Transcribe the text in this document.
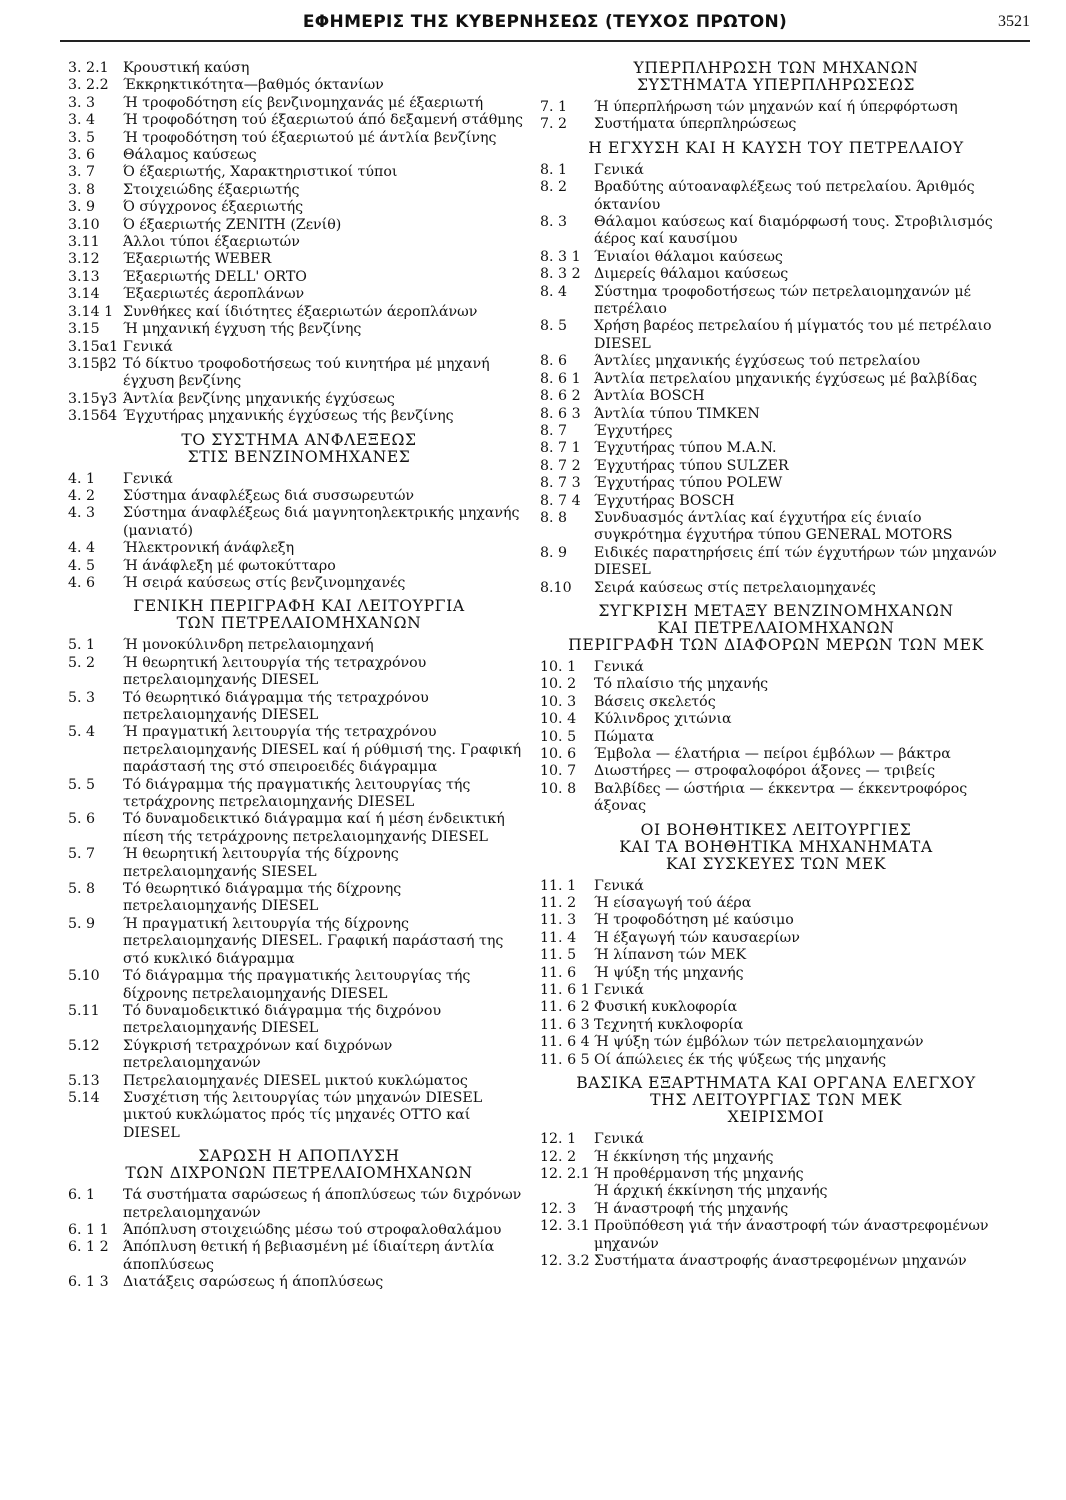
ΕΦΗΜΕΡΙΣ ΤΗΣ ΚΥΒΕΡΝΗΣΕΩΣ (ΤΕΥΧΟΣ ΠΡΩΤΟΝ)	3521
3. 2.1	Κρουστική καύση
3. 2.2	Έκκρηκτικότητα—βαθμός όκτανίων
3. 3	Ή τροφοδότηση είς βενζινομηχανάς μέ έξαεριωτή
3. 4	Ή τροφοδότηση τού έξαεριωτού άπό δεξαμενή στάθμης
3. 5	Ή τροφοδότηση τού έξαεριωτού μέ άντλία βενζίνης
3. 6	Θάλαμος καύσεως
3. 7	Ό έξαεριωτής, Χαρακτηριστικοί τύποι
3. 8	Στοιχειώδης έξαεριωτής
3. 9	Ό σύγχρονος έξαεριωτής
3.10	Ό έξαεριωτής ZENITH (Ζενίθ)
3.11	Άλλοι τύποι έξαεριωτών
3.12	Έξαεριωτής WEBER
3.13	Έξαεριωτής DELL' ORTO
3.14	Έξαεριωτές άεροπλάνων
3.14 1 Συνθήκες καί ίδιότητες έξαεριωτών άεροπλάνων
3.15	Ή μηχανική έγχυση τής βενζίνης
3.15α1 Γενικά
3.15β2 Τό δίκτυο τροφοδοτήσεως τού κινητήρα μέ μηχανή έγχυση βενζίνης
3.15γ3 Άντλία βενζίνης μηχανικής έγχύσεως
3.15δ4 Έγχυτήρας μηχανικής έγχύσεως τής βενζίνης
ΤΟ ΣΥΣΤΗΜΑ ΑΝΦΛΕΞΕΩΣ
ΣΤΙΣ ΒΕΝΖΙΝΟΜΗΧΑΝΕΣ
4. 1	Γενικά
4. 2	Σύστημα άναφλέξεως διά συσσωρευτών
4. 3	Σύστημα άναφλέξεως διά μαγνητοηλεκτρικής μηχανής (μανιατό)
4. 4	Ήλεκτρονική άνάφλεξη
4. 5	Ή άνάφλεξη μέ φωτοκύτταρο
4. 6	Ή σειρά καύσεως στίς βενζινομηχανές
ΓΕΝΙΚΗ ΠΕΡΙΓΡΑΦΗ ΚΑΙ ΛΕΙΤΟΥΡΓΙΑ
ΤΩΝ ΠΕΤΡΕΛΑΙΟΜΗΧΑΝΩΝ
5. 1	Ή μονοκύλινδρη πετρελαιομηχανή
5. 2	Ή θεωρητική λειτουργία τής τετραχρόνου πετρελαιομηχανής DIESEL
5. 3	Τό θεωρητικό διάγραμμα τής τετραχρόνου πετρελαιομηχανής DIESEL
5. 4	Ή πραγματική λειτουργία τής τετραχρόνου πετρελαιομηχανής DIESEL καί ή ρύθμισή της. Γραφική παράστασή της στό σπειροειδές διάγραμμα
5. 5	Τό διάγραμμα τής πραγματικής λειτουργίας τής τετράχρονης πετρελαιομηχανής DIESEL
5. 6	Τό δυναμοδεικτικό διάγραμμα καί ή μέση ένδεικτική πίεση τής τετράχρονης πετρελαιομηχανής DIESEL
5. 7	Ή θεωρητική λειτουργία τής δίχρονης πετρελαιομηχανής SIESEL
5. 8	Τό θεωρητικό διάγραμμα τής δίχρονης πετρελαιομηχανής DIESEL
5. 9	Ή πραγματική λειτουργία τής δίχρονης πετρελαιομηχανής DIESEL. Γραφική παράστασή της στό κυκλικό διάγραμμα
5.10	Τό διάγραμμα τής πραγματικής λειτουργίας τής δίχρονης πετρελαιομηχανής DIESEL
5.11	Τό δυναμοδεικτικό διάγραμμα τής διχρόνου πετρελαιομηχανής DIESEL
5.12	Σύγκρισή τετραχρόνων καί διχρόνων πετρελαιομηχανών
5.13	Πετρελαιομηχανές DIESEL μικτού κυκλώματος
5.14	Συσχέτιση τής λειτουργίας τών μηχανών DIESEL μικτού κυκλώματος πρός τίς μηχανές ΟΤΤΟ καί DIESEL
ΣΑΡΩΣΗ Η ΑΠΟΠΛΥΣΗ
ΤΩΝ ΔΙΧΡΟΝΩΝ ΠΕΤΡΕΛΑΙΟΜΗΧΑΝΩΝ
6. 1	Τά συστήματα σαρώσεως ή άποπλύσεως τών διχρόνων πετρελαιομηχανών
6. 1 1	Άπόπλυση στοιχειώδης μέσω τού στροφαλοθαλάμου
6. 1 2	Άπόπλυση θετική ή βεβιασμένη μέ ίδιαίτερη άντλία άποπλύσεως
6. 1 3	Διατάξεις σαρώσεως ή άποπλύσεως
ΥΠΕΡΠΛΗΡΩΣΗ ΤΩΝ ΜΗΧΑΝΩΝ
ΣΥΣΤΗΜΑΤΑ ΥΠΕΡΠΛΗΡΩΣΕΩΣ
7. 1	Ή ύπερπλήρωση τών μηχανών καί ή ύπερφόρτωση
7. 2	Συστήματα ύπερπληρώσεως
Η ΕΓΧΥΣΗ ΚΑΙ Η ΚΑΥΣΗ ΤΟΥ ΠΕΤΡΕΛΑΙΟΥ
8. 1	Γενικά
8. 2	Βραδύτης αύτοαναφλέξεως τού πετρελαίου. Άριθμός όκτανίου
8. 3	Θάλαμοι καύσεως καί διαμόρφωσή τους. Στροβιλισμός άέρος καί καυσίμου
8. 3 1 Ένιαίοι θάλαμοι καύσεως
8. 3 2 Διμερείς θάλαμοι καύσεως
8. 4	Σύστημα τροφοδοτήσεως τών πετρελαιομηχανών μέ πετρέλαιο
8. 5	Χρήση βαρέος πετρελαίου ή μίγματός του μέ πετρέλαιο DIESEL
8. 6	Άντλίες μηχανικής έγχύσεως τού πετρελαίου
8. 6 1 Άντλία πετρελαίου μηχανικής έγχύσεως μέ βαλβίδας
8. 6 2 Άντλία BOSCH
8. 6 3 Άντλία τύπου TIMKEN
8. 7	Έγχυτήρες
8. 7 1 Έγχυτήρας τύπου M.A.N.
8. 7 2 Έγχυτήρας τύπου SULZER
8. 7 3 Έγχυτήρας τύπου POLEW
8. 7 4 Έγχυτήρας BOSCH
8. 8	Συνδυασμός άντλίας καί έγχυτήρα είς ένιαίο συγκρότημα έγχυτήρα τύπου GENERAL MOTORS
8. 9	Ειδικές παρατηρήσεις έπί τών έγχυτήρων τών μηχανών DIESEL
8.10	Σειρά καύσεως στίς πετρελαιομηχανές
ΣΥΓΚΡΙΣΗ ΜΕΤΑΞΥ ΒΕΝΖΙΝΟΜΗΧΑΝΩΝ
ΚΑΙ ΠΕΤΡΕΛΑΙΟΜΗΧΑΝΩΝ
ΠΕΡΙΓΡΑΦΗ ΤΩΝ ΔΙΑΦΟΡΩΝ ΜΕΡΩΝ ΤΩΝ ΜΕΚ
10. 1	Γενικά
10. 2	Τό πλαίσιο τής μηχανής
10. 3	Βάσεις σκελετός
10. 4	Κύλινδρος χιτώνια
10. 5	Πώματα
10. 6	Έμβολα — έλατήρια — πείροι έμβόλων — βάκτρα
10. 7	Διωστήρες — στροφαλοφόροι άξονες — τριβείς
10. 8	Βαλβίδες — ώστήρια — έκκεντρα — έκκεντροφόρος άξονας
ΟΙ ΒΟΗΘΗΤΙΚΕΣ ΛΕΙΤΟΥΡΓΙΕΣ
ΚΑΙ ΤΑ ΒΟΗΘΗΤΙΚΑ ΜΗΧΑΝΗΜΑΤΑ
ΚΑΙ ΣΥΣΚΕΥΕΣ ΤΩΝ ΜΕΚ
11. 1	Γενικά
11. 2	Ή είσαγωγή τού άέρα
11. 3	Ή τροφοδότηση μέ καύσιμο
11. 4	Ή έξαγωγή τών καυσαερίων
11. 5	Ή λίπανση τών ΜΕΚ
11. 6	Ή ψύξη τής μηχανής
11. 6 1 Γενικά
11. 6 2 Φυσική κυκλοφορία
11. 6 3 Τεχνητή κυκλοφορία
11. 6 4 Ή ψύξη τών έμβόλων τών πετρελαιομηχανών
11. 6 5 Οί άπώλειες έκ τής ψύξεως τής μηχανής
ΒΑΣΙΚΑ ΕΞΑΡΤΗΜΑΤΑ ΚΑΙ ΟΡΓΑΝΑ ΕΛΕΓΧΟΥ
ΤΗΣ ΛΕΙΤΟΥΡΓΙΑΣ ΤΩΝ ΜΕΚ
ΧΕΙΡΙΣΜΟΙ
12. 1	Γενικά
12. 2	Ή έκκίνηση τής μηχανής
12. 2.1 Ή προθέρμανση τής μηχανής
Ή άρχική έκκίνηση τής μηχανής
12. 3	Ή άναστροφή τής μηχανής
12. 3.1 Προϋπόθεση γιά τήν άναστροφή τών άναστρεφομένων μηχανών
12. 3.2 Συστήματα άναστροφής άναστρεφομένων μηχανών
